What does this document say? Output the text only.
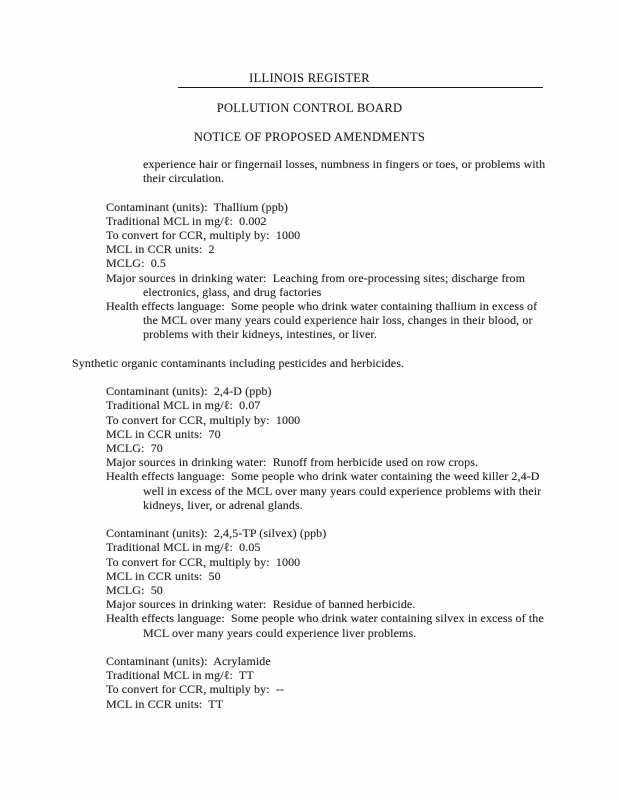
ILLINOIS REGISTER
POLLUTION CONTROL BOARD
NOTICE OF PROPOSED AMENDMENTS
experience hair or fingernail losses, numbness in fingers or toes, or problems with
their circulation.
Contaminant (units):  Thallium (ppb)
Traditional MCL in mg/ℓ:  0.002
To convert for CCR, multiply by:  1000
MCL in CCR units:  2
MCLG:  0.5
Major sources in drinking water:  Leaching from ore-processing sites; discharge from
electronics, glass, and drug factories
Health effects language:  Some people who drink water containing thallium in excess of
the MCL over many years could experience hair loss, changes in their blood, or
problems with their kidneys, intestines, or liver.
Synthetic organic contaminants including pesticides and herbicides.
Contaminant (units):  2,4-D (ppb)
Traditional MCL in mg/ℓ:  0.07
To convert for CCR, multiply by:  1000
MCL in CCR units:  70
MCLG:  70
Major sources in drinking water:  Runoff from herbicide used on row crops.
Health effects language:  Some people who drink water containing the weed killer 2,4-D
well in excess of the MCL over many years could experience problems with their
kidneys, liver, or adrenal glands.
Contaminant (units):  2,4,5-TP (silvex) (ppb)
Traditional MCL in mg/ℓ:  0.05
To convert for CCR, multiply by:  1000
MCL in CCR units:  50
MCLG:  50
Major sources in drinking water:  Residue of banned herbicide.
Health effects language:  Some people who drink water containing silvex in excess of the
MCL over many years could experience liver problems.
Contaminant (units):  Acrylamide
Traditional MCL in mg/ℓ:  TT
To convert for CCR, multiply by:  --
MCL in CCR units:  TT
